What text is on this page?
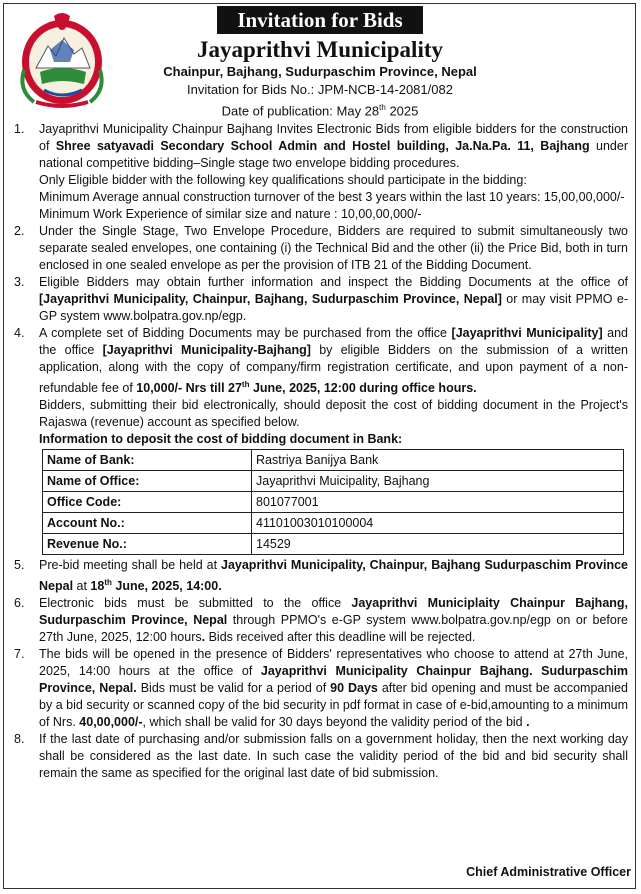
Invitation for Bids
Jayaprithvi Municipality
Chainpur, Bajhang, Sudurpaschim Province, Nepal
Invitation for Bids No.: JPM-NCB-14-2081/082
Date of publication: May 28th 2025
1.	Jayaprithvi Municipality Chainpur Bajhang Invites Electronic Bids from eligible bidders for the construction of Shree satyavadi Secondary School Admin and Hostel building, Ja.Na.Pa. 11, Bajhang under national competitive bidding–Single stage two envelope bidding procedures.

Only Eligible bidder with the following key qualifications should participate in the bidding:

Minimum Average annual construction turnover of the best 3 years within the last 10 years: 15,00,00,000/-

Minimum Work Experience of similar size and nature : 10,00,00,000/-

2.	Under the Single Stage, Two Envelope Procedure, Bidders are required to submit simultaneously two separate sealed envelopes, one containing (i) the Technical Bid and the other (ii) the Price Bid, both in turn enclosed in one sealed envelope as per the provision of ITB 21 of the Bidding Document.

3.	Eligible Bidders may obtain further information and inspect the Bidding Documents at the office of [Jayaprithvi Municipality, Chainpur, Bajhang, Sudurpaschim Province, Nepal] or may visit PPMO e-GP system www.bolpatra.gov.np/egp.

4.	A complete set of Bidding Documents may be purchased from the office [Jayaprithvi Municipality] and the office [Jayaprithvi Municipality-Bajhang] by eligible Bidders on the submission of a written application, along with the copy of company/firm registration certificate, and upon payment of a non-refundable fee of 10,000/- Nrs till 27th June, 2025, 12:00 during office hours.

Bidders, submitting their bid electronically, should deposit the cost of bidding document in the Project's Rajaswa (revenue) account as specified below.

Information to deposit the cost of bidding document in Bank:

Name of Bank:	Rastriya Banijya Bank
Name of Office:	Jayaprithvi Muicipality, Bajhang
Office Code:	801077001
Account No.:	41101003010100004
Revenue No.:	14529
5.	Pre-bid meeting shall be held at Jayaprithvi Municipality, Chainpur, Bajhang Sudurpaschim Province Nepal at 18th June, 2025, 14:00.

6.	Electronic bids must be submitted to the office Jayaprithvi Municiplaity Chainpur Bajhang, Sudurpaschim Province, Nepal through PPMO's e-GP system www.bolpatra.gov.np/egp on or before 27th June, 2025, 12:00 hours. Bids received after this deadline will be rejected.

7.	The bids will be opened in the presence of Bidders' representatives who choose to attend at 27th June, 2025, 14:00 hours at the office of Jayaprithvi Municipality Chainpur Bajhang. Sudurpaschim Province, Nepal. Bids must be valid for a period of 90 Days after bid opening and must be accompanied by a bid security or scanned copy of the bid security in pdf format in case of e-bid,amounting to a minimum of Nrs. 40,00,000/-, which shall be valid for 30 days beyond the validity period of the bid .

8.	If the last date of purchasing and/or submission falls on a government holiday, then the next working day shall be considered as the last date. In such case the validity period of the bid and bid security shall remain the same as specified for the original last date of bid submission.

Chief Administrative Officer
